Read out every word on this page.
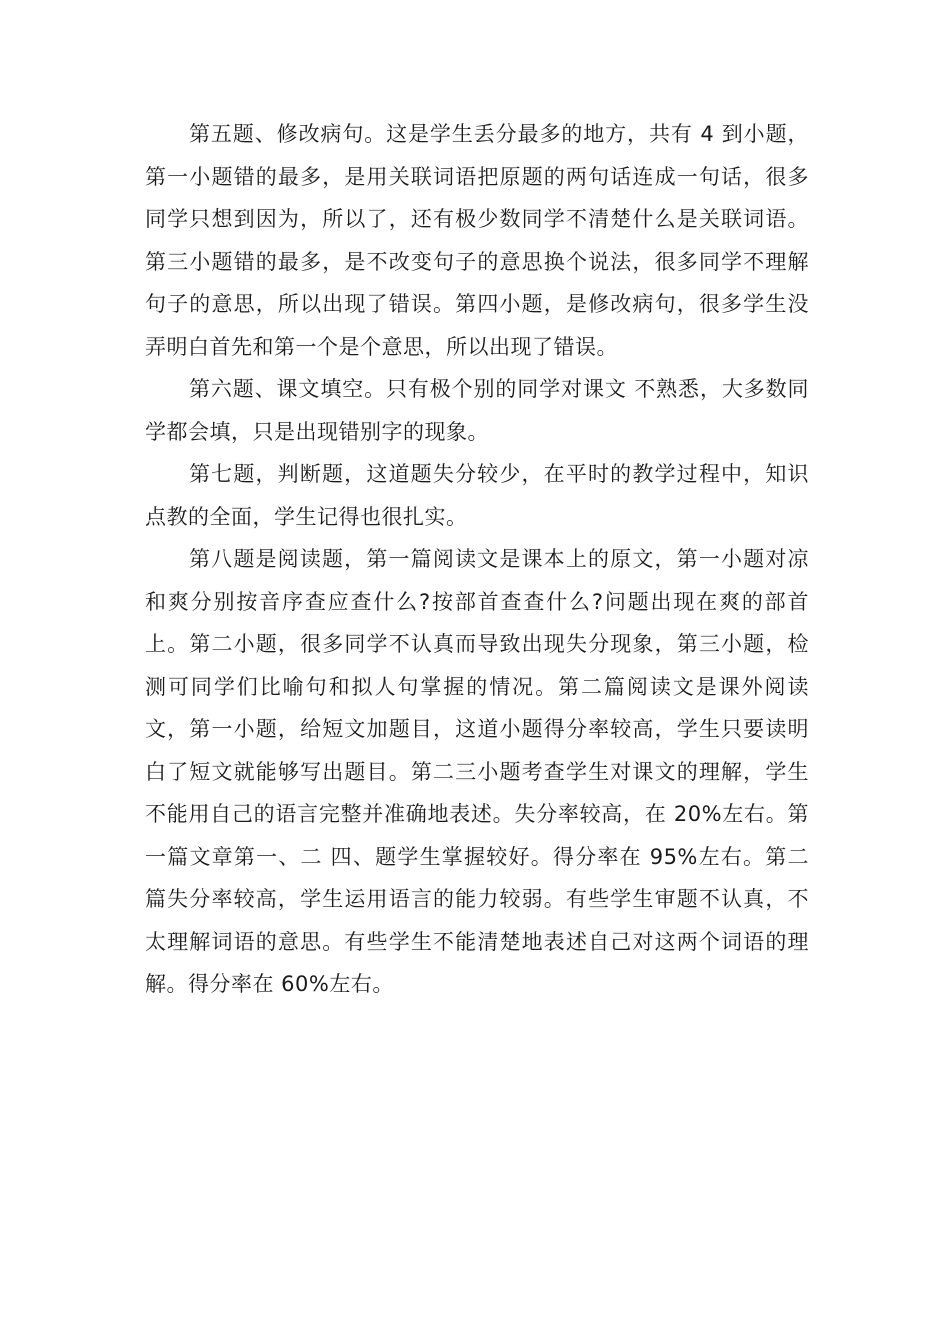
第五题、修改病句。这是学生丢分最多的地方，共有 4 到小题，第一小题错的最多，是用关联词语把原题的两句话连成一句话，很多同学只想到因为，所以了，还有极少数同学不清楚什么是关联词语。第三小题错的最多，是不改变句子的意思换个说法，很多同学不理解句子的意思，所以出现了错误。第四小题，是修改病句，很多学生没弄明白首先和第一个是个意思，所以出现了错误。

第六题、课文填空。只有极个别的同学对课文 不熟悉，大多数同学都会填，只是出现错别字的现象。

第七题，判断题，这道题失分较少，在平时的教学过程中，知识点教的全面，学生记得也很扎实。

第八题是阅读题，第一篇阅读文是课本上的原文，第一小题对凉和爽分别按音序查应查什么?按部首查查什么?问题出现在爽的部首上。第二小题，很多同学不认真而导致出现失分现象，第三小题，检测可同学们比喻句和拟人句掌握的情况。第二篇阅读文是课外阅读文，第一小题，给短文加题目，这道小题得分率较高，学生只要读明白了短文就能够写出题目。第二三小题考查学生对课文的理解，学生不能用自己的语言完整并准确地表述。失分率较高，在 20%左右。第一篇文章第一、二 四、题学生掌握较好。得分率在 95%左右。第二篇失分率较高，学生运用语言的能力较弱。有些学生审题不认真，不太理解词语的意思。有些学生不能清楚地表述自己对这两个词语的理解。得分率在 60%左右。
